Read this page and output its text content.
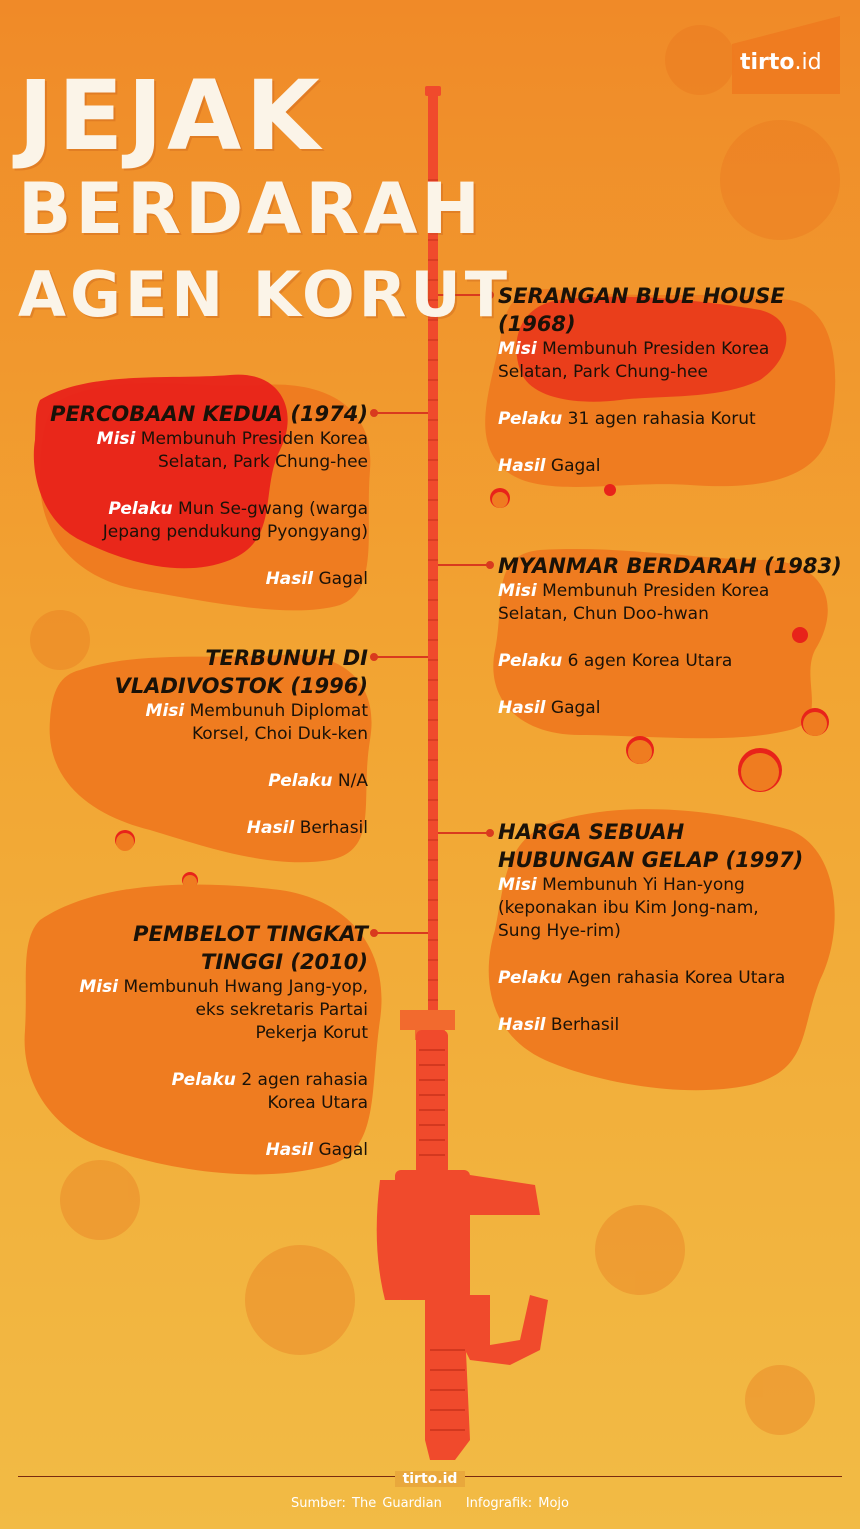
JEJAK
BERDARAH
AGEN KORUT
tirto.id
SERANGAN BLUE HOUSE
(1968)
Misi Membunuh Presiden Korea
Selatan, Park Chung-hee
Pelaku 31 agen rahasia Korut
Hasil Gagal
PERCOBAAN KEDUA (1974)
Misi Membunuh Presiden Korea
Selatan, Park Chung-hee
Pelaku Mun Se-gwang (warga
Jepang pendukung Pyongyang)
Hasil Gagal
MYANMAR BERDARAH (1983)
Misi Membunuh Presiden Korea
Selatan, Chun Doo-hwan
Pelaku 6 agen Korea Utara
Hasil Gagal
TERBUNUH DI
VLADIVOSTOK (1996)
Misi Membunuh Diplomat
Korsel, Choi Duk-ken
Pelaku N/A
Hasil Berhasil	HARGA SEBUAH
HUBUNGAN GELAP (1997)
Misi Membunuh Yi Han-yong
(keponakan ibu Kim Jong-nam,
Sung Hye-rim)
Pelaku Agen rahasia Korea Utara
Hasil Berhasil
PEMBELOT TINGKAT
TINGGI (2010)
Misi Membunuh Hwang Jang-yop,
eks sekretaris Partai
Pekerja Korut
Pelaku 2 agen rahasia
Korea Utara
Hasil Gagal
tirto.id
Sumber: The Guardian Infografik: Mojo
